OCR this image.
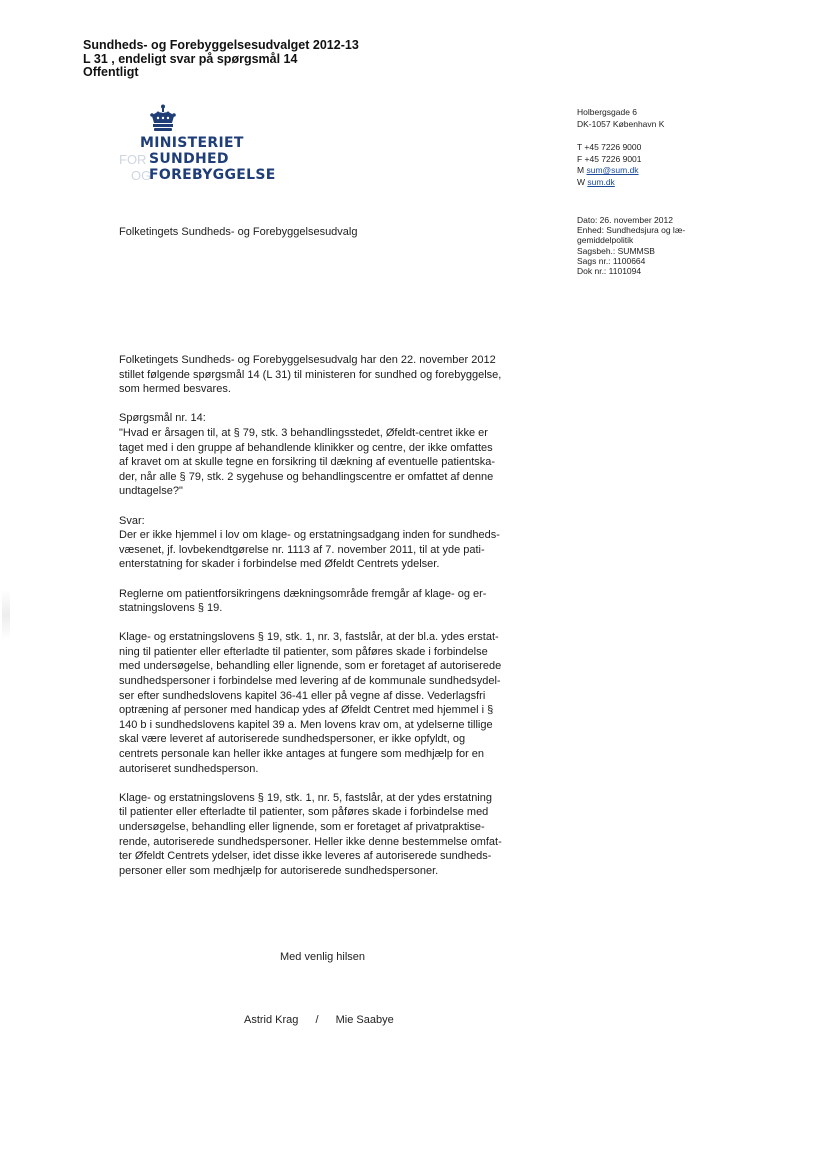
Sundheds- og Forebyggelsesudvalget 2012-13
L 31 , endeligt svar på spørgsmål 14
Offentligt
MINISTERIET
FOR SUNDHED
OG
FOREBYGGELSE
Holbergsgade 6
DK-1057 København K
T +45 7226 9000
F +45 7226 9001
M sum@sum.dk
W sum.dk
Dato: 26. november 2012
Enhed: Sundhedsjura og læ-
gemiddelpolitik
Sagsbeh.: SUMMSB
Sags nr.: 1100664
Dok nr.: 1101094
Folketingets Sundheds- og Forebyggelsesudvalg

Folketingets Sundheds- og Forebyggelsesudvalg har den 22. november 2012
stillet følgende spørgsmål 14 (L 31) til ministeren for sundhed og forebyggelse,
som hermed besvares.

Spørgsmål nr. 14:
"Hvad er årsagen til, at § 79, stk. 3 behandlingsstedet, Øfeldt-centret ikke er
taget med i den gruppe af behandlende klinikker og centre, der ikke omfattes
af kravet om at skulle tegne en forsikring til dækning af eventuelle patientska-
der, når alle § 79, stk. 2 sygehuse og behandlingscentre er omfattet af denne
undtagelse?"

Svar:
Der er ikke hjemmel i lov om klage- og erstatningsadgang inden for sundheds-
væsenet, jf. lovbekendtgørelse nr. 1113 af 7. november 2011, til at yde pati-
enterstatning for skader i forbindelse med Øfeldt Centrets ydelser.

Reglerne om patientforsikringens dækningsområde fremgår af klage- og er-
statningslovens § 19.

Klage- og erstatningslovens § 19, stk. 1, nr. 3, fastslår, at der bl.a. ydes erstat-
ning til patienter eller efterladte til patienter, som påføres skade i forbindelse
med undersøgelse, behandling eller lignende, som er foretaget af autoriserede
sundhedspersoner i forbindelse med levering af de kommunale sundhedsydel-
ser efter sundhedslovens kapitel 36-41 eller på vegne af disse. Vederlagsfri
optræning af personer med handicap ydes af Øfeldt Centret med hjemmel i §
140 b i sundhedslovens kapitel 39 a. Men lovens krav om, at ydelserne tillige
skal være leveret af autoriserede sundhedspersoner, er ikke opfyldt, og
centrets personale kan heller ikke antages at fungere som medhjælp for en
autoriseret sundhedsperson.

Klage- og erstatningslovens § 19, stk. 1, nr. 5, fastslår, at der ydes erstatning
til patienter eller efterladte til patienter, som påføres skade i forbindelse med
undersøgelse, behandling eller lignende, som er foretaget af privatpraktise-
rende, autoriserede sundhedspersoner. Heller ikke denne bestemmelse omfat-
ter Øfeldt Centrets ydelser, idet disse ikke leveres af autoriserede sundheds-
personer eller som medhjælp for autoriserede sundhedspersoner.

Med venlig hilsen
Astrid Krag / Mie Saabye
